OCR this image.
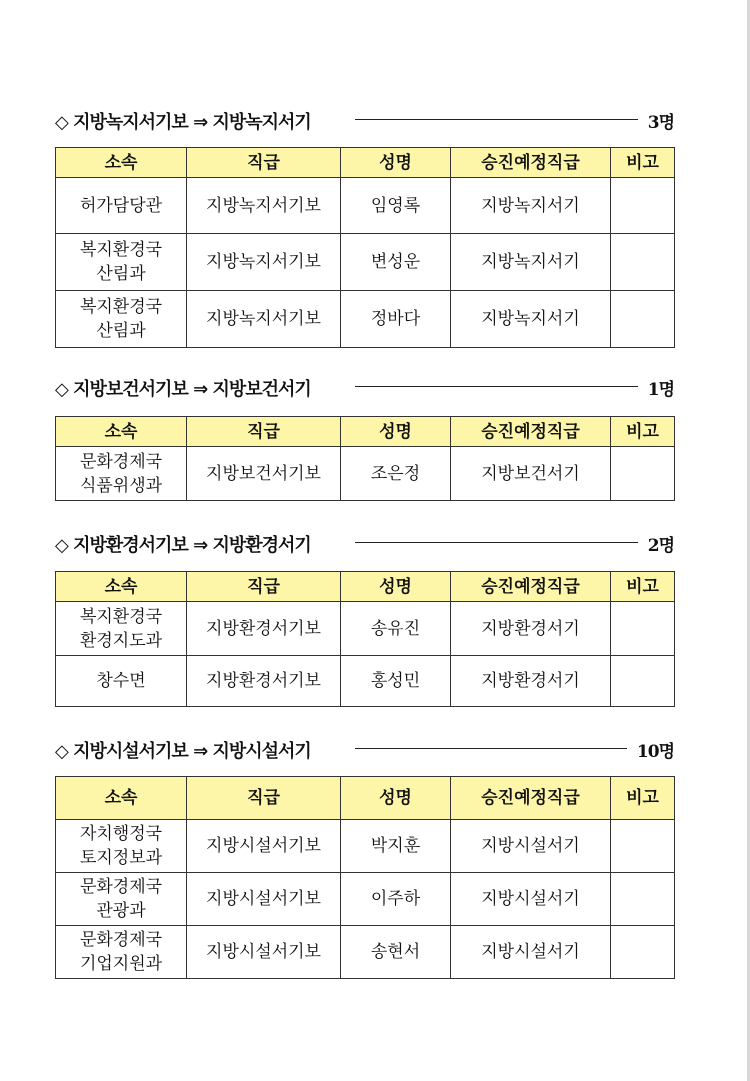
◇ 지방녹지서기보 ⇒ 지방녹지서기	3명
소속	직급	성명	승진예정직급	비고
허가담당관	지방녹지서기보	임영록	지방녹지서기	
복지환경국
산림과	지방녹지서기보	변성운	지방녹지서기	
복지환경국
산림과	지방녹지서기보	정바다	지방녹지서기	
◇ 지방보건서기보 ⇒ 지방보건서기	1명
소속	직급	성명	승진예정직급	비고
문화경제국
식품위생과	지방보건서기보	조은정	지방보건서기	
◇ 지방환경서기보 ⇒ 지방환경서기	2명
소속	직급	성명	승진예정직급	비고
복지환경국
환경지도과	지방환경서기보	송유진	지방환경서기	
창수면	지방환경서기보	홍성민	지방환경서기	
◇ 지방시설서기보 ⇒ 지방시설서기	10명
소속	직급	성명	승진예정직급	비고
자치행정국
토지정보과	지방시설서기보	박지훈	지방시설서기	
문화경제국
관광과	지방시설서기보	이주하	지방시설서기	
문화경제국
기업지원과	지방시설서기보	송현서	지방시설서기	
